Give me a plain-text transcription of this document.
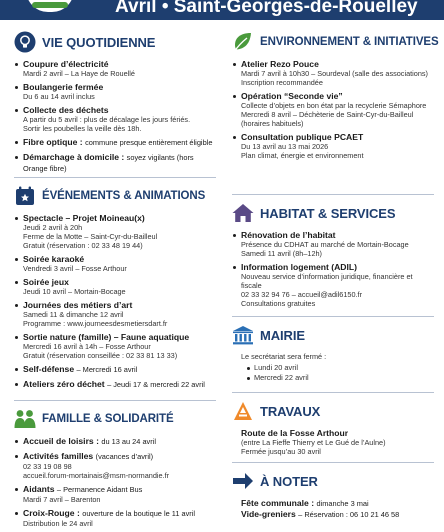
Avril • Saint-Georges-de-Rouelley
VIE QUOTIDIENNE
Coupure d’électricité
Mardi 2 avril – La Haye de Rouellé
Boulangerie fermée
Du 6 au 14 avril inclus
Collecte des déchets
A partir du 5 avril : plus de décalage les jours fériés.
Sortir les poubelles la veille dès 18h.
Fibre optique : commune presque entièrement éligible
Démarchage à domicile : soyez vigilants (hors Orange fibre)
ÉVÉNEMENTS & ANIMATIONS
Spectacle – Projet Moineau(x)
Jeudi 2 avril à 20h
Ferme de la Motte – Saint-Cyr-du-Bailleul
Gratuit (réservation : 02 33 48 19 44)
Soirée karaoké
Vendredi 3 avril – Fosse Arthour
Soirée jeux
Jeudi 10 avril – Mortain-Bocage
Journées des métiers d’art
Samedi 11 & dimanche 12 avril
Programme : www.journeesdesmetiersdart.fr
Sortie nature (famille) – Faune aquatique
Mercredi 16 avril à 14h – Fosse Arthour
Gratuit (réservation conseillée : 02 33 81 13 33)
Self-défense – Mercredi 16 avril
Ateliers zéro déchet – Jeudi 17 & mercredi 22 avril
FAMILLE & SOLIDARITÉ
Accueil de loisirs : du 13 au 24 avril
Activités familles (vacances d’avril)
02 33 19 08 98
accueil.forum-mortainais@msm-normandie.fr
Aidants – Permanence Aidant Bus
Mardi 7 avril – Barenton
Croix-Rouge : ouverture de la boutique le 11 avril
Distribution le 24 avril
ENVIRONNEMENT & INITIATIVES
Atelier Rezo Pouce
Mardi 7 avril à 10h30 – Sourdeval (salle des associations)
Inscription recommandée
Opération “Seconde vie”
Collecte d’objets en bon état par la recyclerie Sémaphore
Mercredi 8 avril – Déchèterie de Saint-Cyr-du-Bailleul
(horaires habituels)
Consultation publique PCAET
Du 13 avril au 13 mai 2026
Plan climat, énergie et environnement
HABITAT & SERVICES
Rénovation de l’habitat
Présence du CDHAT au marché de Mortain-Bocage
Samedi 11 avril (8h–12h)
Information logement (ADIL)
Nouveau service d’information juridique, financière et fiscale
02 33 32 94 76 – accueil@adil6150.fr
Consultations gratuites
MAIRIE
Le secrétariat sera fermé :
Lundi 20 avril
Mercredi 22 avril
TRAVAUX
Route de la Fosse Arthour
(entre La Fieffe Thierry et Le Gué de l’Aulne)
Fermée jusqu’au 30 avril
À NOTER
Fête communale : dimanche 3 mai
Vide-greniers – Réservation : 06 10 21 46 58
